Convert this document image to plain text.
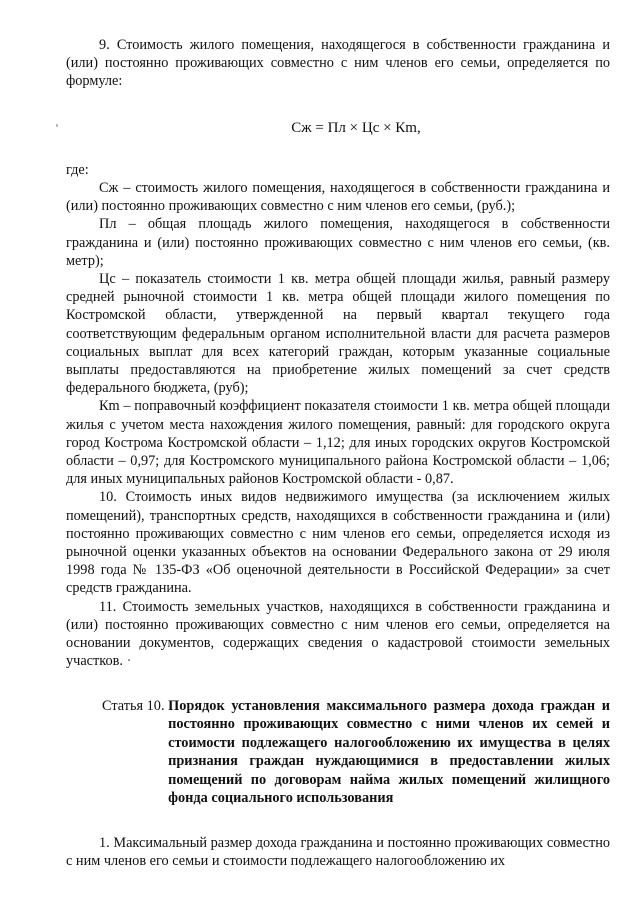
9. Стоимость жилого помещения, находящегося в собственности гражданина и (или) постоянно проживающих совместно с ним членов его семьи, определяется по формуле:

Сж = Пл × Цс × Кm,

где:

Сж – стоимость жилого помещения, находящегося в собственности гражданина и (или) постоянно проживающих совместно с ним членов его семьи, (руб.);

Пл – общая площадь жилого помещения, находящегося в собственности гражданина и (или) постоянно проживающих совместно с ним членов его семьи, (кв. метр);

Цс – показатель стоимости 1 кв. метра общей площади жилья, равный размеру средней рыночной стоимости 1 кв. метра общей площади жилого помещения по Костромской области, утвержденной на первый квартал текущего года соответствующим федеральным органом исполнительной власти для расчета размеров социальных выплат для всех категорий граждан, которым указанные социальные выплаты предоставляются на приобретение жилых помещений за счет средств федерального бюджета, (руб);

Кm – поправочный коэффициент показателя стоимости 1 кв. метра общей площади жилья с учетом места нахождения жилого помещения, равный: для городского округа город Кострома Костромской области – 1,12; для иных городских округов Костромской области – 0,97; для Костромского муниципального района Костромской области – 1,06; для иных муниципальных районов Костромской области - 0,87.

10. Стоимость иных видов недвижимого имущества (за исключением жилых помещений), транспортных средств, находящихся в собственности гражданина и (или) постоянно проживающих совместно с ним членов его семьи, определяется исходя из рыночной оценки указанных объектов на основании Федерального закона от 29 июля 1998 года № 135-ФЗ «Об оценочной деятельности в Российской Федерации» за счет средств гражданина.

11. Стоимость земельных участков, находящихся в собственности гражданина и (или) постоянно проживающих совместно с ним членов его семьи, определяется на основании документов, содержащих сведения о кадастровой стоимости земельных участков. ·

Статья 10. Порядок установления максимального размера дохода граждан и постоянно проживающих совместно с ними членов их семей и стоимости подлежащего налогообложению их имущества в целях признания граждан нуждающимися в предоставлении жилых помещений по договорам найма жилых помещений жилищного фонда социального использования

1. Максимальный размер дохода гражданина и постоянно проживающих совместно с ним членов его семьи и стоимости подлежащего налогообложению их
